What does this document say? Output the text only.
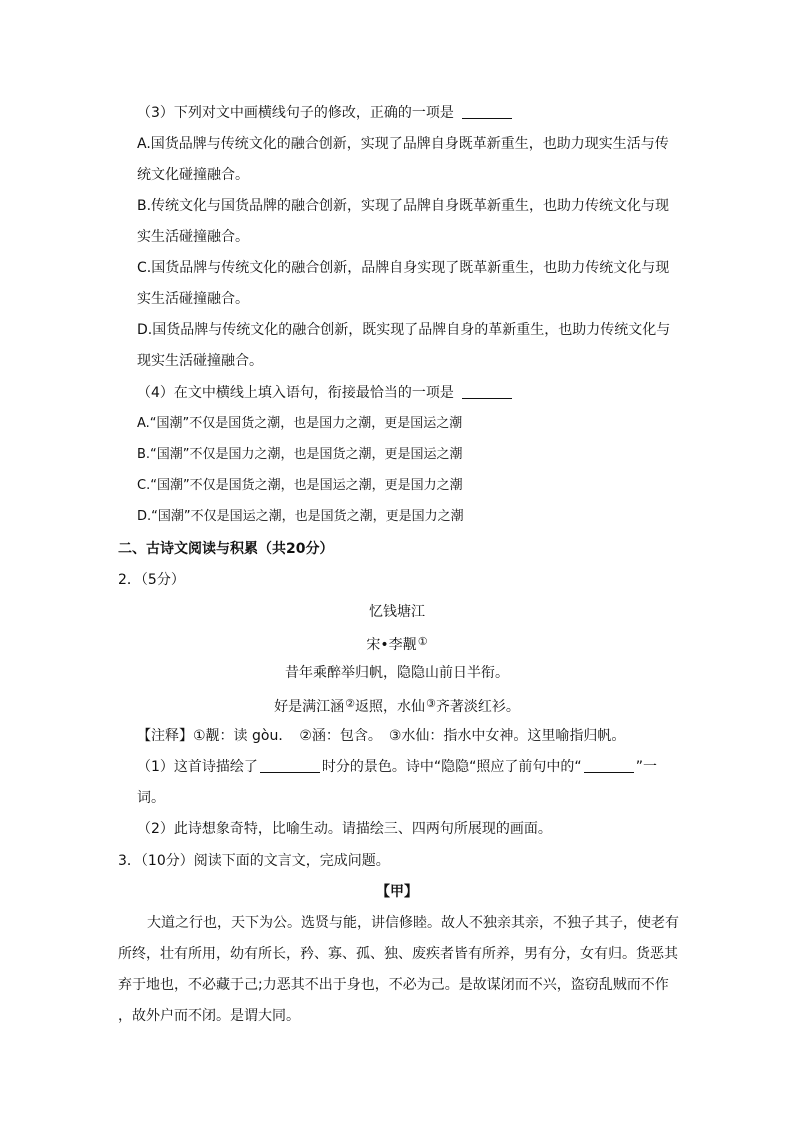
（3）下列对文中画横线句子的修改，正确的一项是
A.国货品牌与传统文化的融合创新，实现了品牌自身既革新重生，也助力现实生活与传
统文化碰撞融合。
B.传统文化与国货品牌的融合创新，实现了品牌自身既革新重生，也助力传统文化与现
实生活碰撞融合。
C.国货品牌与传统文化的融合创新，品牌自身实现了既革新重生，也助力传统文化与现
实生活碰撞融合。
D.国货品牌与传统文化的融合创新，既实现了品牌自身的革新重生，也助力传统文化与
现实生活碰撞融合。
（4）在文中横线上填入语句，衔接最恰当的一项是
A.“国潮”不仅是国货之潮，也是国力之潮，更是国运之潮
B.“国潮”不仅是国力之潮，也是国货之潮，更是国运之潮
C.“国潮”不仅是国货之潮，也是国运之潮，更是国力之潮
D.“国潮”不仅是国运之潮，也是国货之潮，更是国力之潮
二、古诗文阅读与积累（共20分）
2．（5分）
忆钱塘江
宋•李觏①
昔年乘醉举归帆，隐隐山前日半衔。
好是满江涵②返照，水仙③齐著淡红衫。
【注释】①觏：读 gòu．　②涵：包含。　③水仙：指水中女神。这里喻指归帆。
（1）这首诗描绘了	时分的景色。诗中“隐隐“照应了前句中的“	”一
词。
（2）此诗想象奇特，比喻生动。请描绘三、四两句所展现的画面。
3．（10分）阅读下面的文言文，完成问题。
【甲】
大道之行也，天下为公。选贤与能，讲信修睦。故人不独亲其亲，不独子其子，使老有
所终，壮有所用，幼有所长，矜、寡、孤、独、废疾者皆有所养，男有分，女有归。货恶其
弃于地也，不必藏于己;力恶其不出于身也，不必为己。是故谋闭而不兴，盗窃乱贼而不作
，故外户而不闭。是谓大同。
